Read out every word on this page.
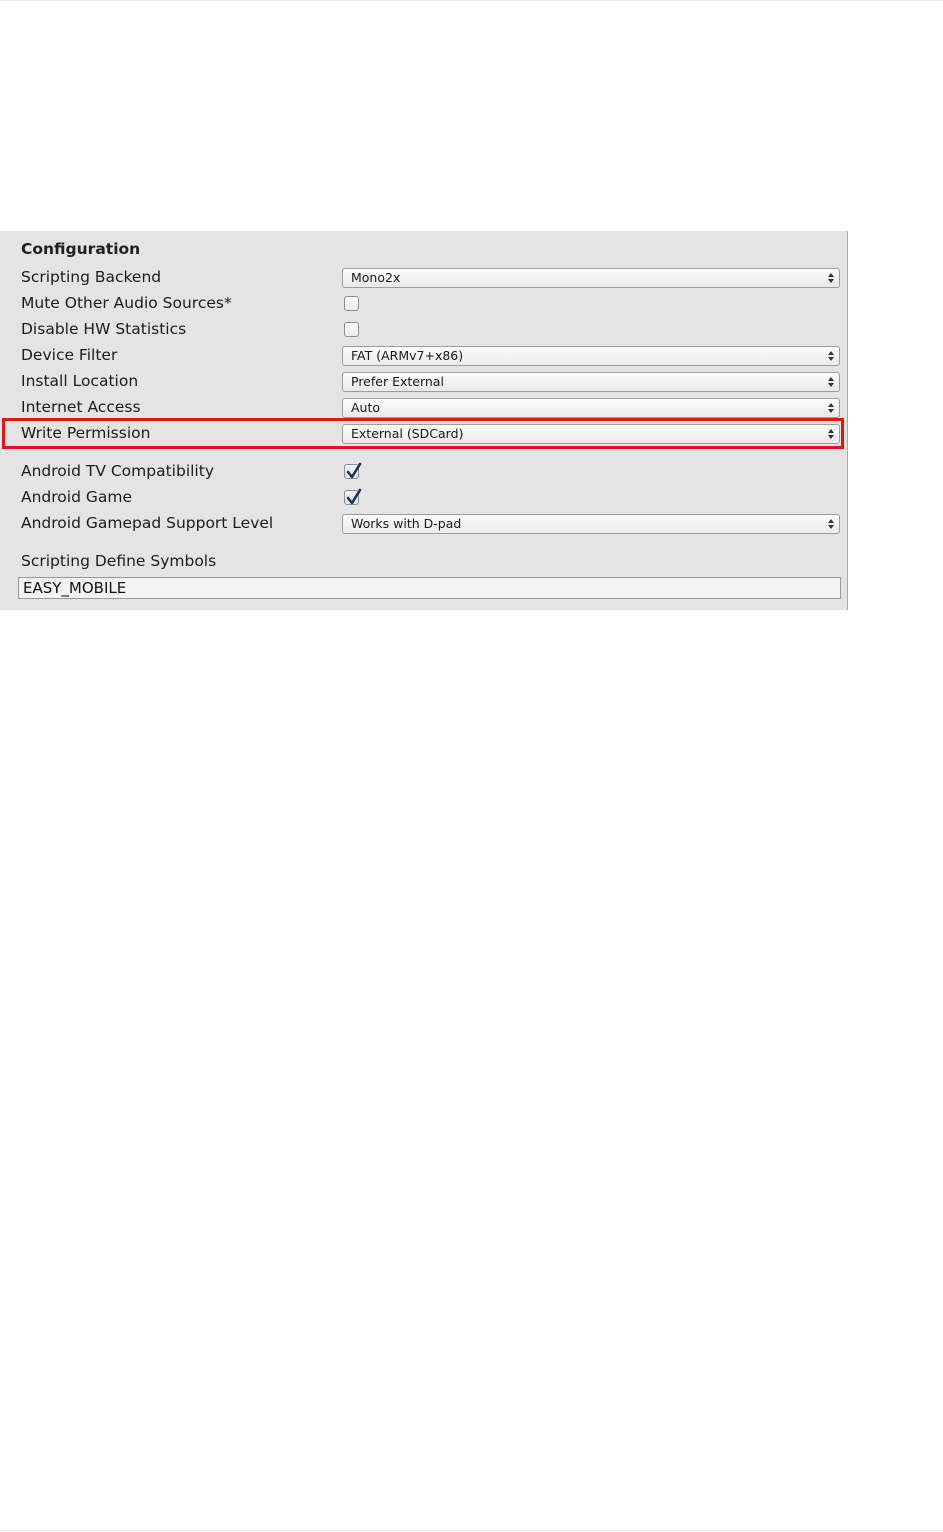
Configuration
Scripting Backend	Mono2x
Mute Other Audio Sources*
Disable HW Statistics
Device Filter	FAT (ARMv7+x86)
Install Location	Prefer External
Internet Access	Auto
Write Permission	External (SDCard)
Android TV Compatibility
Android Game
Android Gamepad Support Level	Works with D-pad
Scripting Define Symbols
EASY_MOBILE
